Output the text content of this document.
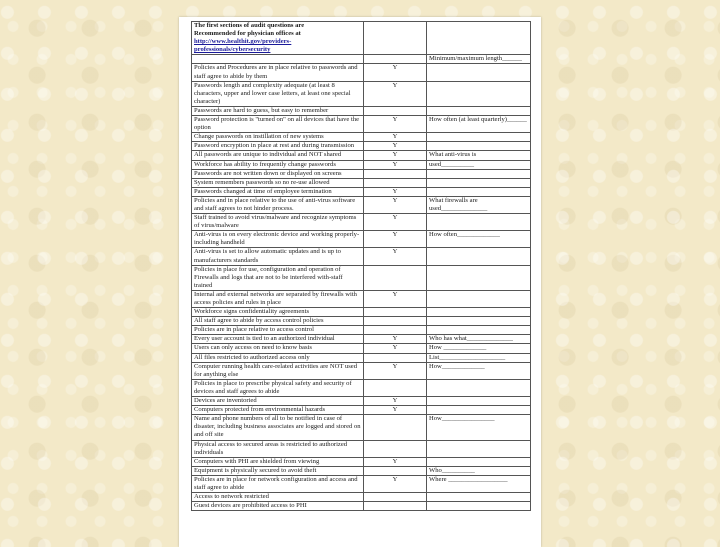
The first sections of audit questions are
Recommended for physician offices at
http://www.healthit.gov/providers-
professionals/cybersecurity		

		Minimum/maximum length______
Policies and Procedures are in place relative to passwords and staff agree to abide by them	Y	
Passwords length and complexity adequate (at least 8 characters, upper and lower case letters, at least one special character)	Y	
Passwords are hard to guess, but easy to remember		
Password protection is "turned on" on all devices that have the option	Y	How often (at least quarterly)______
Change passwords on instillation of new systems	Y	
Password encryption in place at rest and during transmission	Y	
All passwords are unique to individual and NOT shared	Y	What anti-virus is
Workforce has ability to frequently change passwords	Y	used__________
Passwords are not written down or displayed on screens		
System remembers passwords so no re-use allowed		
Passwords changed at time of employee termination	Y	
Policies and in place relative to the use of anti-virus software and staff agrees to not hinder process.	Y	What firewalls are used______________
Staff trained to avoid virus/malware and recognize symptoms of virus/malware	Y	
Anti-virus is on every electronic device and working properly- including handheld	Y	How often_____________
Anti-virus is set to allow automatic updates and is up to manufacturers standards	Y	
Policies in place for use, configuration and operation of Firewalls and logs that are not to be interfered with-staff trained		
Internal and external networks are separated by firewalls with access policies and rules in place	Y	
Workforce signs confidentiality agreements		
All staff agree to abide by access control policies		
Policies are in place relative to access control		
Every user account is tied to an authorized individual	Y	Who has what______________
Users can only access on need to know basis	Y	How _____________
All files restricted to authorized access only		List____________________
Computer running health care-related activities are NOT used for anything else	Y	How_____________
Policies in place to prescribe physical safety and security of devices and staff agrees to abide		
Devices are inventoried	Y	
Computers protected from environmental hazards	Y	
Name and phone numbers of all to be notified in case of disaster, including business associates are logged and stored on and off site		How________________
Physical access to secured areas is restricted to authorized individuals		
Computers with PHI are shielded from viewing	Y	
Equipment is physically secured to avoid theft		Who__________
Policies are in place for network configuration and access and staff agree to abide	Y	Where __________________
Access to network restricted		
Guest devices are prohibited access to PHI		
